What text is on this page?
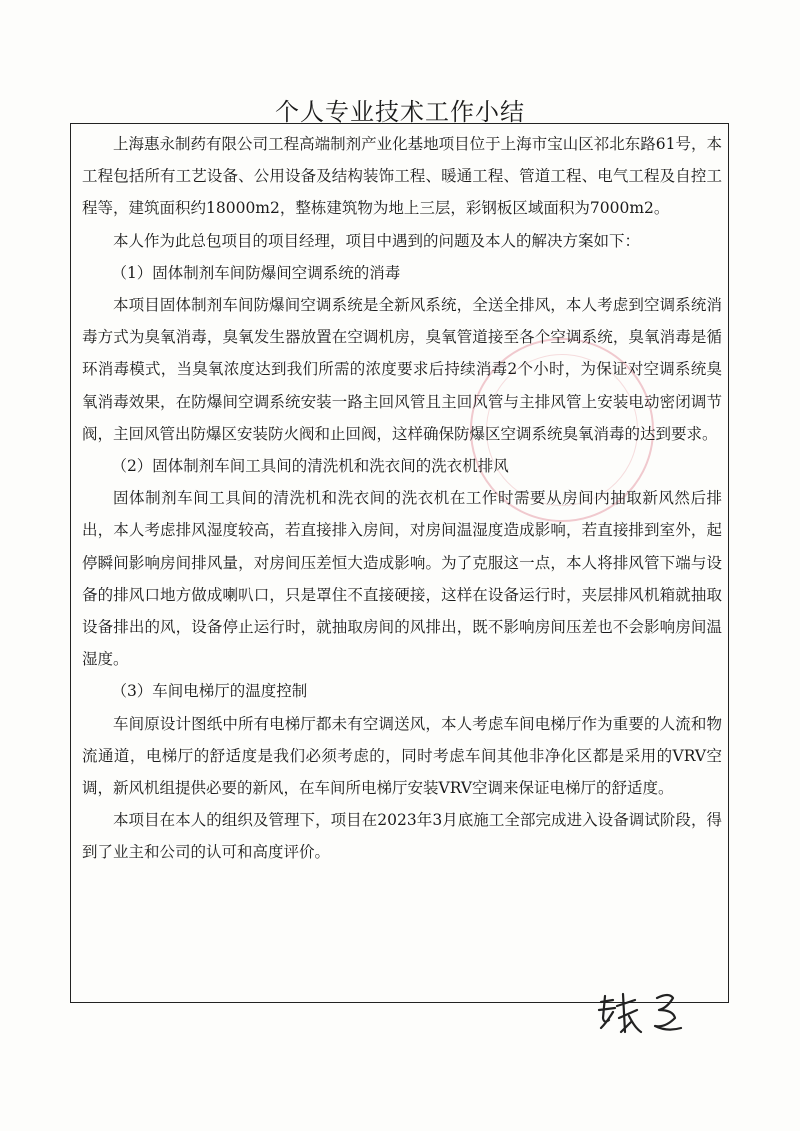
个人专业技术工作小结

上海惠永制药有限公司工程高端制剂产业化基地项目位于上海市宝山区祁北东路61号，本工程包括所有工艺设备、公用设备及结构装饰工程、暖通工程、管道工程、电气工程及自控工程等，建筑面积约18000m2，整栋建筑物为地上三层，彩钢板区域面积为7000m2。

本人作为此总包项目的项目经理，项目中遇到的问题及本人的解决方案如下：

（1）固体制剂车间防爆间空调系统的消毒

本项目固体制剂车间防爆间空调系统是全新风系统，全送全排风，本人考虑到空调系统消毒方式为臭氧消毒，臭氧发生器放置在空调机房，臭氧管道接至各个空调系统，臭氧消毒是循环消毒模式，当臭氧浓度达到我们所需的浓度要求后持续消毒2个小时，为保证对空调系统臭氧消毒效果，在防爆间空调系统安装一路主回风管且主回风管与主排风管上安装电动密闭调节阀，主回风管出防爆区安装防火阀和止回阀，这样确保防爆区空调系统臭氧消毒的达到要求。

（2）固体制剂车间工具间的清洗机和洗衣间的洗衣机排风

固体制剂车间工具间的清洗机和洗衣间的洗衣机在工作时需要从房间内抽取新风然后排出，本人考虑排风湿度较高，若直接排入房间，对房间温湿度造成影响，若直接排到室外，起停瞬间影响房间排风量，对房间压差恒大造成影响。为了克服这一点，本人将排风管下端与设备的排风口地方做成喇叭口，只是罩住不直接硬接，这样在设备运行时，夹层排风机箱就抽取设备排出的风，设备停止运行时，就抽取房间的风排出，既不影响房间压差也不会影响房间温湿度。

（3）车间电梯厅的温度控制

车间原设计图纸中所有电梯厅都未有空调送风，本人考虑车间电梯厅作为重要的人流和物流通道，电梯厅的舒适度是我们必须考虑的，同时考虑车间其他非净化区都是采用的VRV空调，新风机组提供必要的新风，在车间所电梯厅安装VRV空调来保证电梯厅的舒适度。

本项目在本人的组织及管理下，项目在2023年3月底施工全部完成进入设备调试阶段，得到了业主和公司的认可和高度评价。
